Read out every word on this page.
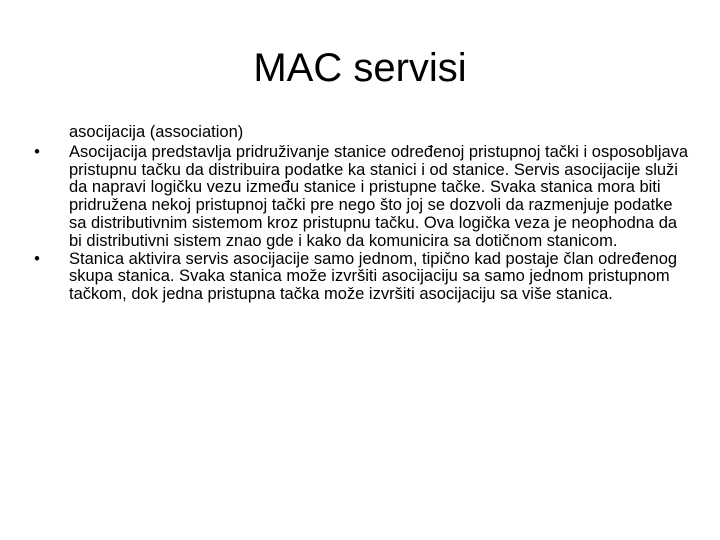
MAC servisi

asocijacija (association)

• Asocijacija predstavlja pridruživanje stanice određenoj pristupnoj tački i osposobljava pristupnu tačku da distribuira podatke ka stanici i od stanice. Servis asocijacije služi da napravi logičku vezu između stanice i pristupne tačke. Svaka stanica mora biti pridružena nekoj pristupnoj tački pre nego što joj se dozvoli da razmenjuje podatke sa distributivnim sistemom kroz pristupnu tačku. Ova logička veza je neophodna da bi distributivni sistem znao gde i kako da komunicira sa dotičnom stanicom.
• Stanica aktivira servis asocijacije samo jednom, tipično kad postaje član određenog skupa stanica. Svaka stanica može izvršiti asocijaciju sa samo jednom pristupnom tačkom, dok jedna pristupna tačka može izvršiti asocijaciju sa više stanica.
